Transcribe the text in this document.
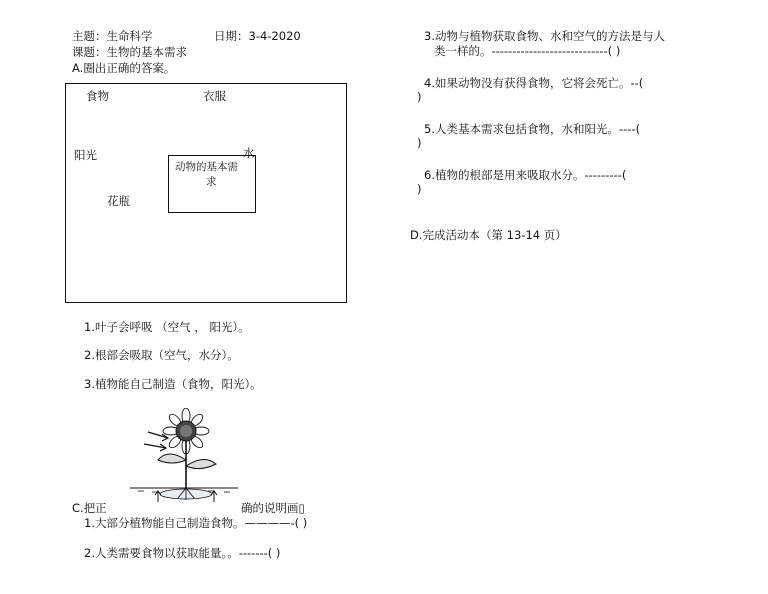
主题：生命科学	日期：3-4-2020
课题：生物的基本需求
A.圈出正确的答案。
食物	衣服
阳光	水
花瓶
动物的基本需
求
1.叶子会呼吸 （空气 ， 阳光）。
2.根部会吸取（空气，水分）。
3.植物能自己制造（食物，阳光）。
C.把正	确的说明画▯
1.大部分植物能自己制造食物。————-( )
2.人类需要食物以获取能量。。-------( )
3.动物与植物获取食物、水和空气的方法是与人
类一样的。----------------------------( )
4.如果动物没有获得食物，它将会死亡。--(
)
5.人类基本需求包括食物，水和阳光。----(
)
6.植物的根部是用来吸取水分。---------(
)
D.完成活动本（第 13-14 页）
